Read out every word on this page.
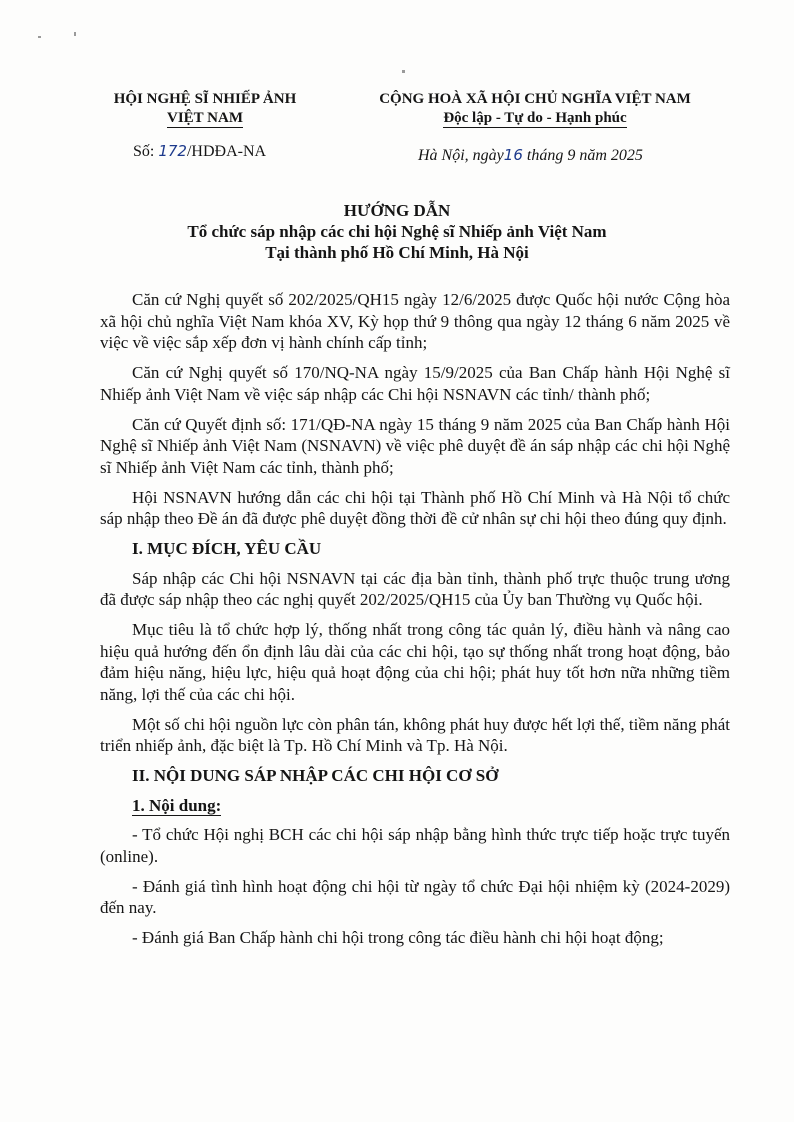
HỘI NGHỆ SĨ NHIẾP ẢNH
VIỆT NAM
Số: 172/HDĐA-NA
CỘNG HOÀ XÃ HỘI CHỦ NGHĨA VIỆT NAM
Độc lập - Tự do - Hạnh phúc
Hà Nội, ngày16 tháng 9 năm 2025
HƯỚNG DẪN
Tổ chức sáp nhập các chi hội Nghệ sĩ Nhiếp ảnh Việt Nam
Tại thành phố Hồ Chí Minh, Hà Nội

Căn cứ Nghị quyết số 202/2025/QH15 ngày 12/6/2025 được Quốc hội nước Cộng hòa xã hội chủ nghĩa Việt Nam khóa XV, Kỳ họp thứ 9 thông qua ngày 12 tháng 6 năm 2025 về việc về việc sắp xếp đơn vị hành chính cấp tỉnh;

Căn cứ Nghị quyết số 170/NQ-NA ngày 15/9/2025 của Ban Chấp hành Hội Nghệ sĩ Nhiếp ảnh Việt Nam về việc sáp nhập các Chi hội NSNAVN các tỉnh/ thành phố;

Căn cứ Quyết định số: 171/QĐ-NA ngày 15 tháng 9 năm 2025 của Ban Chấp hành Hội Nghệ sĩ Nhiếp ảnh Việt Nam (NSNAVN) về việc phê duyệt đề án sáp nhập các chi hội Nghệ sĩ Nhiếp ảnh Việt Nam các tỉnh, thành phố;

Hội NSNAVN hướng dẫn các chi hội tại Thành phố Hồ Chí Minh và Hà Nội tổ chức sáp nhập theo Đề án đã được phê duyệt đồng thời đề cử nhân sự chi hội theo đúng quy định.

I. MỤC ĐÍCH, YÊU CẦU

Sáp nhập các Chi hội NSNAVN tại các địa bàn tỉnh, thành phố trực thuộc trung ương đã được sáp nhập theo các nghị quyết 202/2025/QH15 của Ủy ban Thường vụ Quốc hội.

Mục tiêu là tổ chức hợp lý, thống nhất trong công tác quản lý, điều hành và nâng cao hiệu quả hướng đến ổn định lâu dài của các chi hội, tạo sự thống nhất trong hoạt động, bảo đảm hiệu năng, hiệu lực, hiệu quả hoạt động của chi hội; phát huy tốt hơn nữa những tiềm năng, lợi thế của các chi hội.

Một số chi hội nguồn lực còn phân tán, không phát huy được hết lợi thế, tiềm năng phát triển nhiếp ảnh, đặc biệt là Tp. Hồ Chí Minh và Tp. Hà Nội.

II. NỘI DUNG SÁP NHẬP CÁC CHI HỘI CƠ SỞ
1. Nội dung:

- Tổ chức Hội nghị BCH các chi hội sáp nhập bằng hình thức trực tiếp hoặc trực tuyến (online).

- Đánh giá tình hình hoạt động chi hội từ ngày tổ chức Đại hội nhiệm kỳ (2024-2029) đến nay.

- Đánh giá Ban Chấp hành chi hội trong công tác điều hành chi hội hoạt động;
